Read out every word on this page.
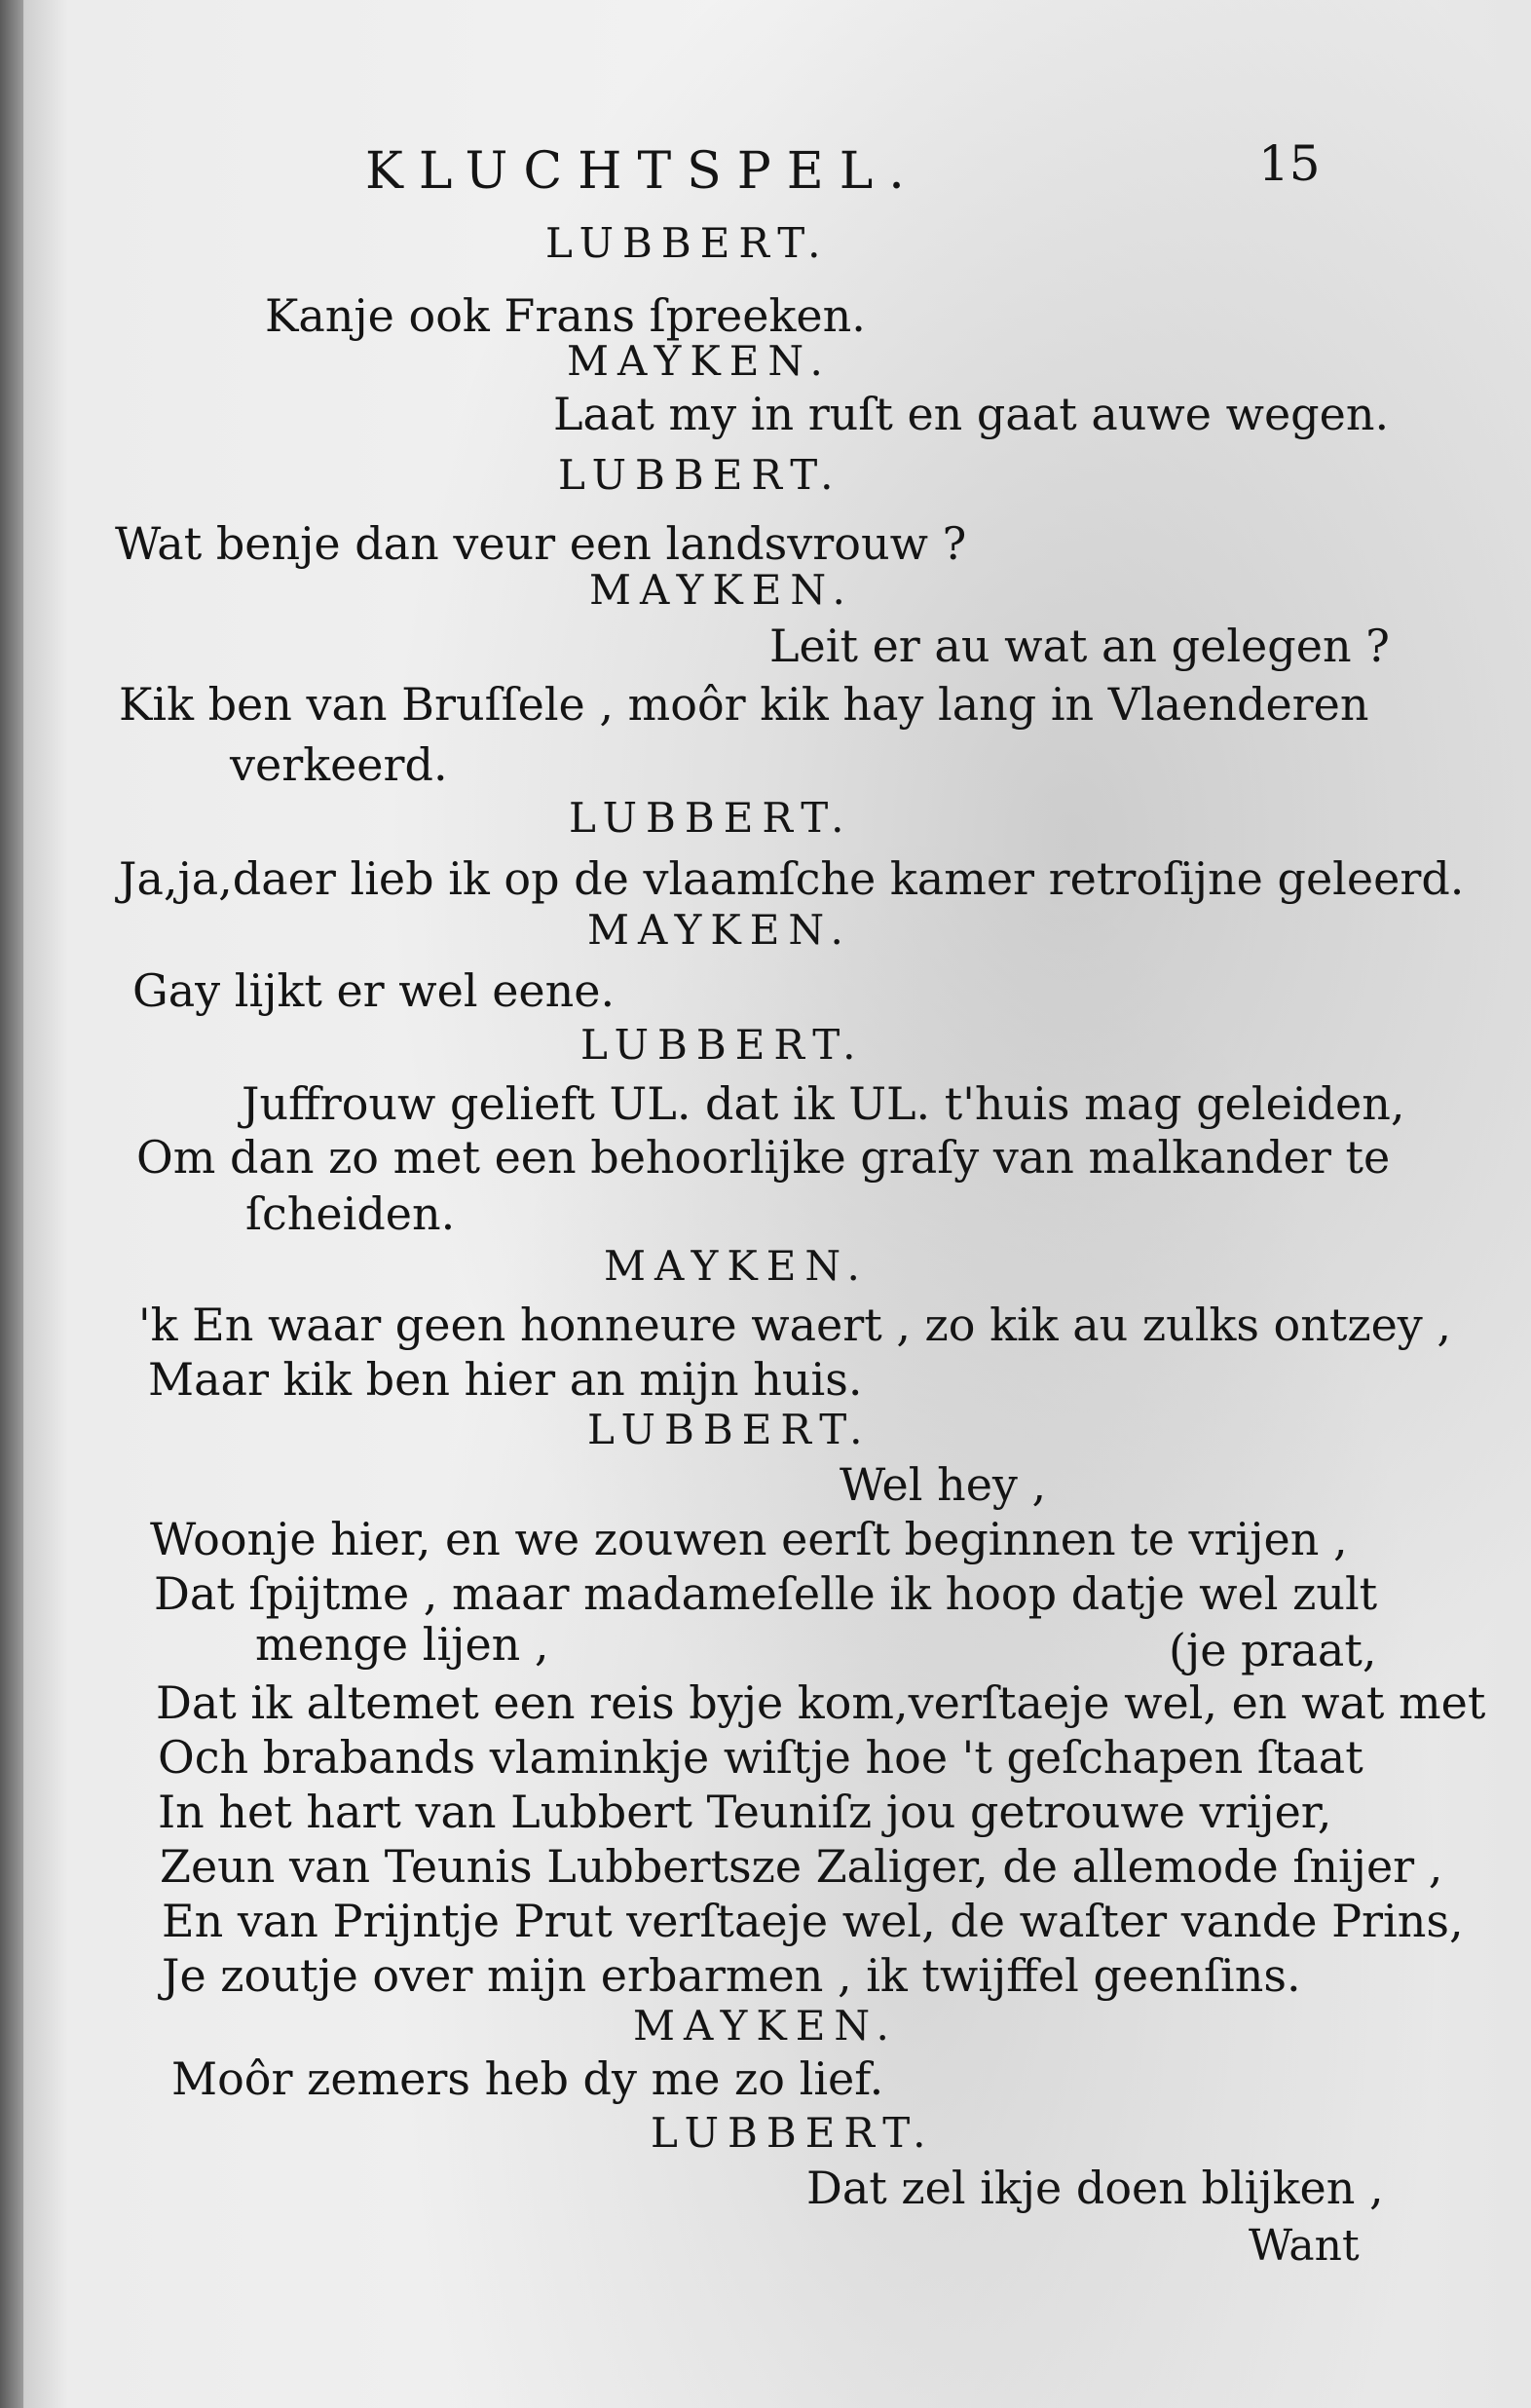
KLUCHTSPEL.	15
LUBBERT.
Kanje ook Frans ſpreeken.
MAYKEN.
Laat my in ruſt en gaat auwe wegen.
LUBBERT.
Wat benje dan veur een landsvrouw ?
MAYKEN.
Leit er au wat an gelegen ?
Kik ben van Bruſſele , moôr kik hay lang in Vlaenderen
verkeerd.
LUBBERT.
Ja,ja,daer lieb ik op de vlaamſche kamer retroſijne geleerd.
MAYKEN.
Gay lijkt er wel eene.
LUBBERT.
Juffrouw gelieft UL. dat ik UL. t'huis mag geleiden,
Om dan zo met een behoorlijke graſy van malkander te
ſcheiden.
MAYKEN.
'k En waar geen honneure waert , zo kik au zulks ontzey ,
Maar kik ben hier an mijn huis.
LUBBERT.
Wel hey ,
Woonje hier, en we zouwen eerſt beginnen te vrijen ,
Dat ſpijtme , maar madameſelle ik hoop datje wel zult
menge lijen ,	(je praat,
Dat ik altemet een reis byje kom,verſtaeje wel, en wat met
Och brabands vlaminkje wiſtje hoe 't geſchapen ſtaat
In het hart van Lubbert Teuniſz jou getrouwe vrijer,
Zeun van Teunis Lubbertsze Zaliger, de allemode ſnijer ,
En van Prijntje Prut verſtaeje wel, de waſter vande Prins,
Je zoutje over mijn erbarmen , ik twijffel geenſins.
MAYKEN.
Moôr zemers heb dy me zo lief.
LUBBERT.
Dat zel ikje doen blijken ,
Want
